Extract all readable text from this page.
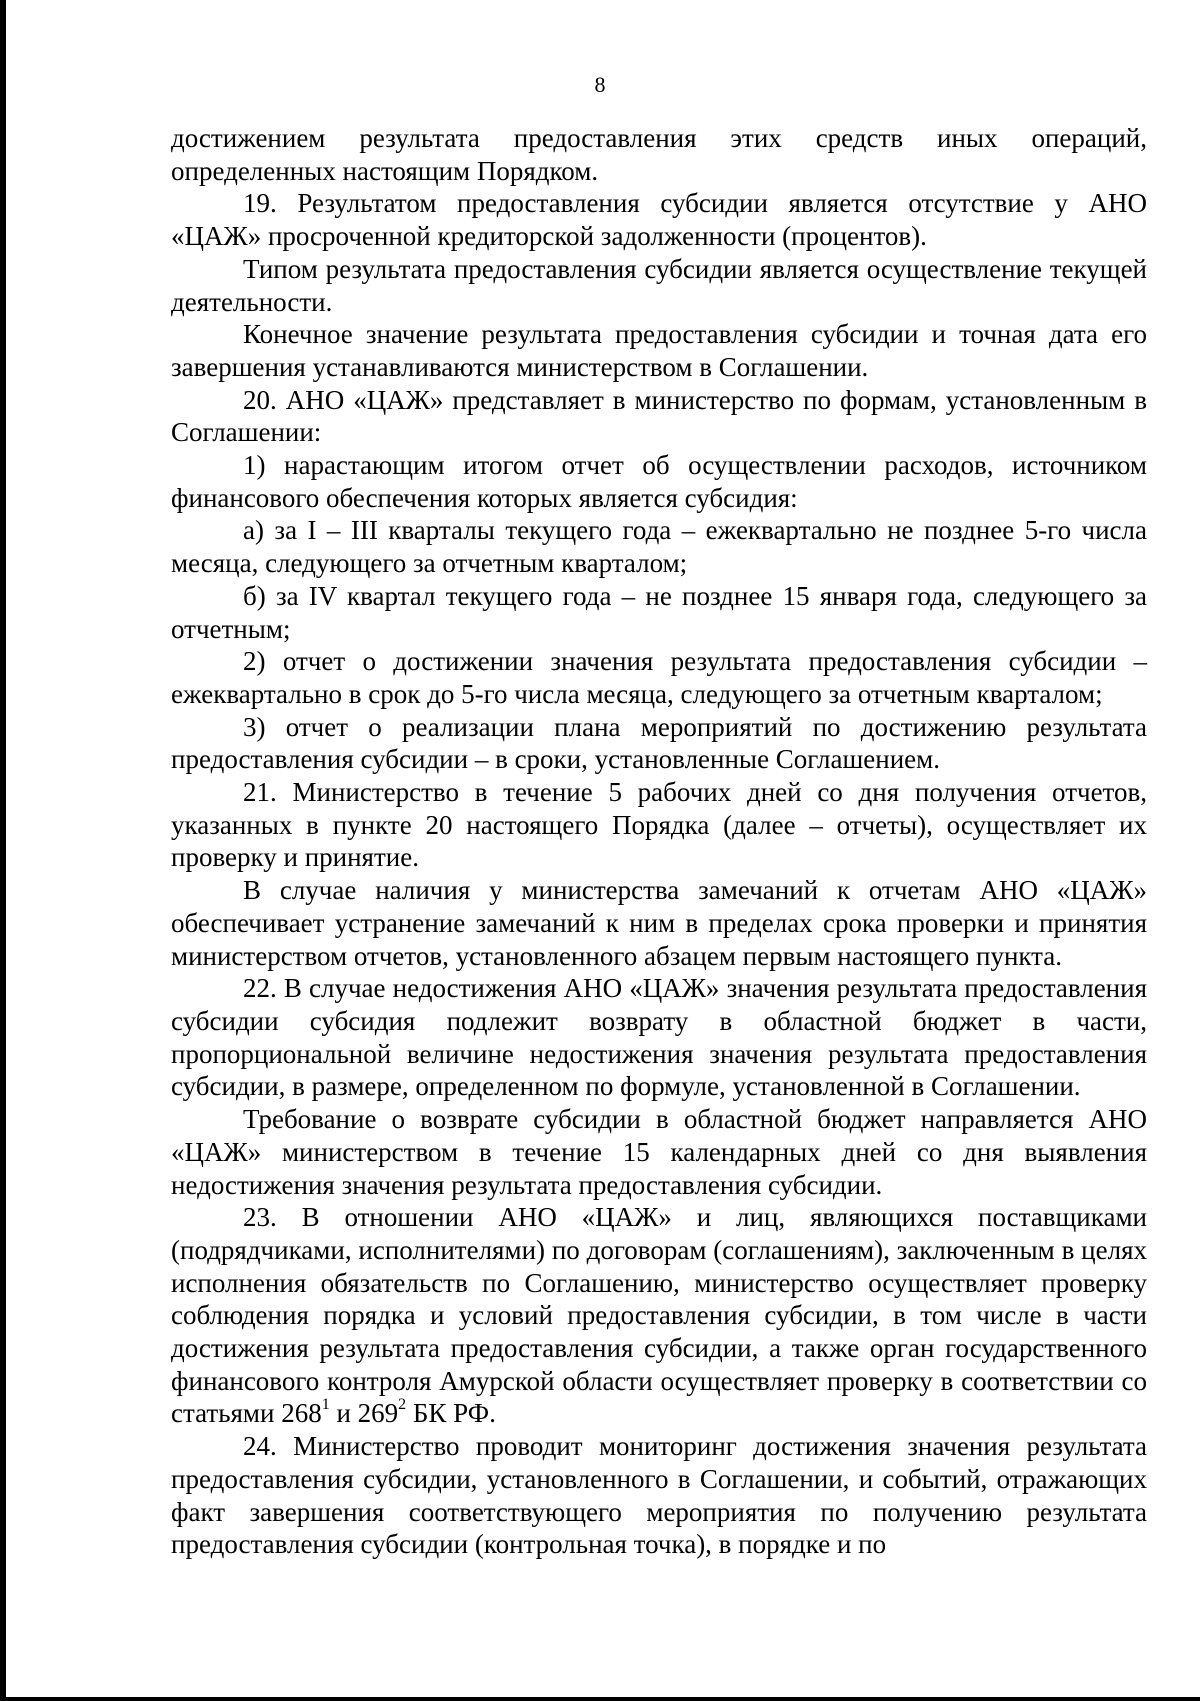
8

достижением результата предоставления этих средств иных операций, определенных настоящим Порядком.

19. Результатом предоставления субсидии является отсутствие у АНО «ЦАЖ» просроченной кредиторской задолженности (процентов).

Типом результата предоставления субсидии является осуществление текущей деятельности.

Конечное значение результата предоставления субсидии и точная дата его завершения устанавливаются министерством в Соглашении.

20. АНО «ЦАЖ» представляет в министерство по формам, установленным в Соглашении:

1) нарастающим итогом отчет об осуществлении расходов, источником финансового обеспечения которых является субсидия:

а) за I – III кварталы текущего года – ежеквартально не позднее 5-го числа месяца, следующего за отчетным кварталом;

б) за IV квартал текущего года – не позднее 15 января года, следующего за отчетным;

2) отчет о достижении значения результата предоставления субсидии – ежеквартально в срок до 5-го числа месяца, следующего за отчетным кварталом;

3) отчет о реализации плана мероприятий по достижению результата предоставления субсидии – в сроки, установленные Соглашением.

21. Министерство в течение 5 рабочих дней со дня получения отчетов, указанных в пункте 20 настоящего Порядка (далее – отчеты), осуществляет их проверку и принятие.

В случае наличия у министерства замечаний к отчетам АНО «ЦАЖ» обеспечивает устранение замечаний к ним в пределах срока проверки и принятия министерством отчетов, установленного абзацем первым настоящего пункта.

22. В случае недостижения АНО «ЦАЖ» значения результата предоставления субсидии субсидия подлежит возврату в областной бюджет в части, пропорциональной величине недостижения значения результата предоставления субсидии, в размере, определенном по формуле, установленной в Соглашении.

Требование о возврате субсидии в областной бюджет направляется АНО «ЦАЖ» министерством в течение 15 календарных дней со дня выявления недостижения значения результата предоставления субсидии.

23. В отношении АНО «ЦАЖ» и лиц, являющихся поставщиками (подрядчиками, исполнителями) по договорам (соглашениям), заключенным в целях исполнения обязательств по Соглашению, министерство осуществляет проверку соблюдения порядка и условий предоставления субсидии, в том числе в части достижения результата предоставления субсидии, а также орган государственного финансового контроля Амурской области осуществляет проверку в соответствии со статьями $268^1$ и $269^2$ БК РФ.

24. Министерство проводит мониторинг достижения значения результата предоставления субсидии, установленного в Соглашении, и событий, отражающих факт завершения соответствующего мероприятия по получению результата предоставления субсидии (контрольная точка), в порядке и по
